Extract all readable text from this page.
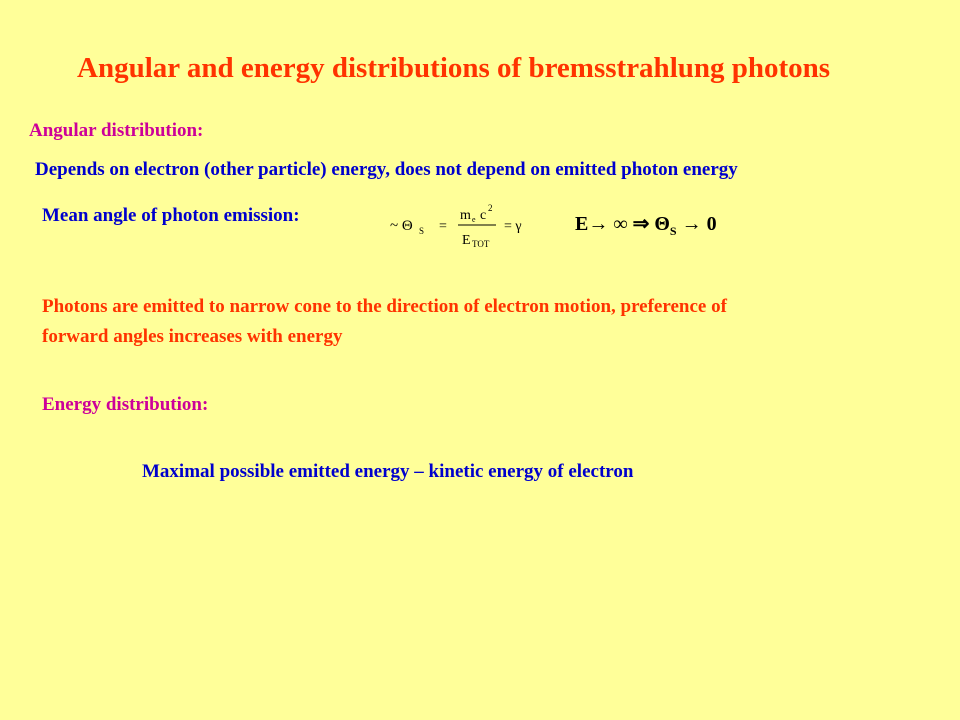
Angular and energy distributions of bremsstrahlung photons
Angular distribution:
Depends on electron (other particle) energy, does not depend on emitted photon energy
Mean angle of photon emission:	~ Θ S =
m e c 2
E TOT
= γ	E→ ∞ ⇒ $\Theta_S \to 0$
Photons are emitted to narrow cone to the direction of electron motion, preference of
forward angles increases with energy
Energy distribution:
Maximal possible emitted energy – kinetic energy of electron
